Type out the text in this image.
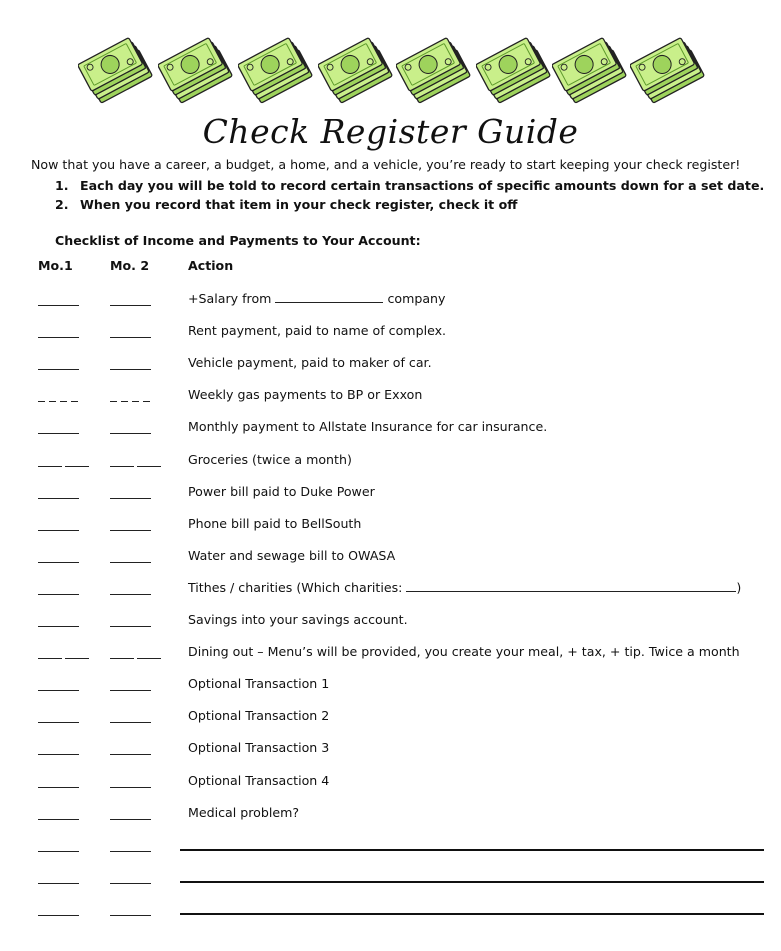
Check Register Guide
Now that you have a career, a budget, a home, and a vehicle, you’re ready to start keeping your check register!
1. Each day you will be told to record certain transactions of specific amounts down for a set date.
2. When you record that item in your check register, check it off
Checklist of Income and Payments to Your Account:
Mo.1	Mo. 2	Action
+Salary from	company
Rent payment, paid to name of complex.
Vehicle payment, paid to maker of car.
Weekly gas payments to BP or Exxon
Monthly payment to Allstate Insurance for car insurance.
Groceries (twice a month)
Power bill paid to Duke Power
Phone bill paid to BellSouth
Water and sewage bill to OWASA
Tithes / charities (Which charities:	)
Savings into your savings account.
Dining out – Menu’s will be provided, you create your meal, + tax, + tip. Twice a month
Optional Transaction 1
Optional Transaction 2
Optional Transaction 3
Optional Transaction 4
Medical problem?
